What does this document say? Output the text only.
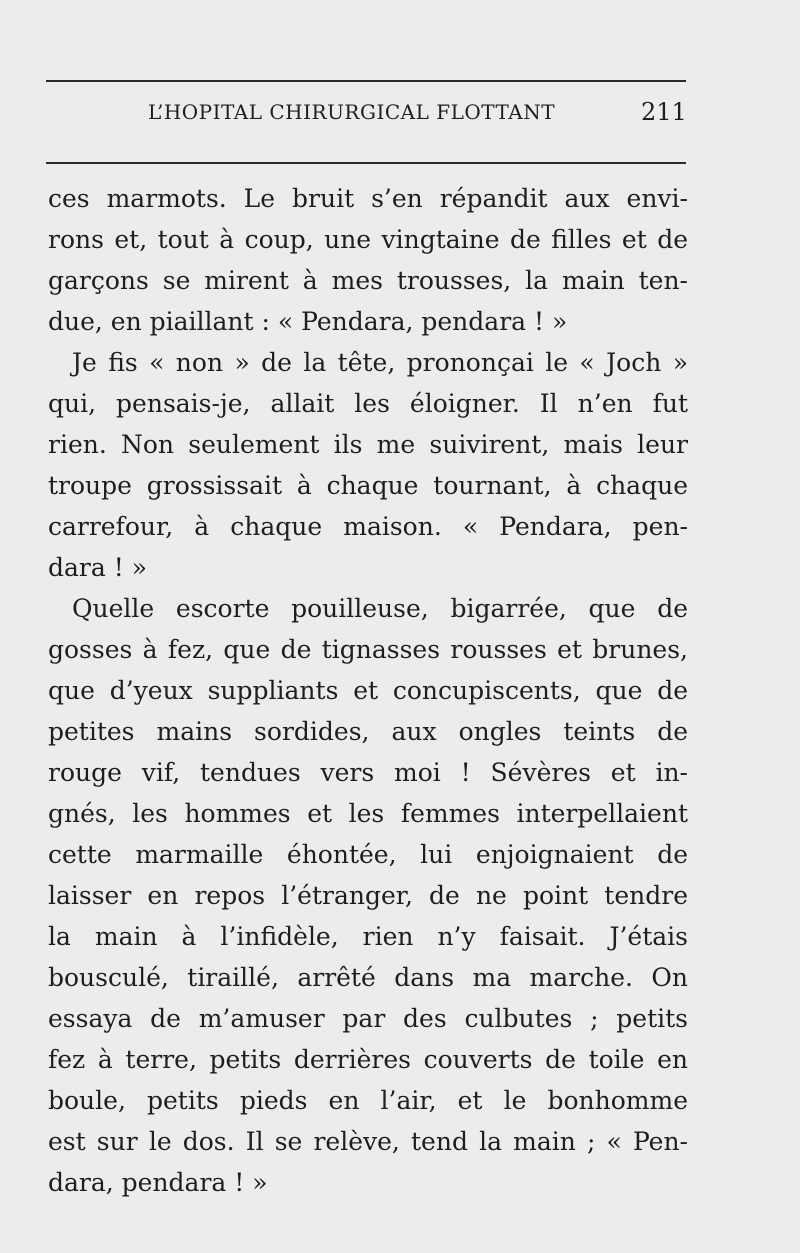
L’HOPITAL CHIRURGICAL FLOTTANT	211
ces marmots. Le bruit s’en répandit aux envi-
rons et, tout à coup, une vingtaine de filles et de
garçons se mirent à mes trousses, la main ten-
due, en piaillant : « Pendara, pendara ! »
Je fis « non » de la tête, prononçai le « Joch »
qui, pensais-je, allait les éloigner. Il n’en fut
rien. Non seulement ils me suivirent, mais leur
troupe grossissait à chaque tournant, à chaque
carrefour, à chaque maison. « Pendara, pen-
dara ! »
Quelle escorte pouilleuse, bigarrée, que de
gosses à fez, que de tignasses rousses et brunes,
que d’yeux suppliants et concupiscents, que de
petites mains sordides, aux ongles teints de
rouge vif, tendues vers moi ! Sévères et in-
gnés, les hommes et les femmes interpellaient
cette marmaille éhontée, lui enjoignaient de
laisser en repos l’étranger, de ne point tendre
la main à l’infidèle, rien n’y faisait. J’étais
bousculé, tiraillé, arrêté dans ma marche. On
essaya de m’amuser par des culbutes ; petits
fez à terre, petits derrières couverts de toile en
boule, petits pieds en l’air, et le bonhomme
est sur le dos. Il se relève, tend la main ; « Pen-
dara, pendara ! »
